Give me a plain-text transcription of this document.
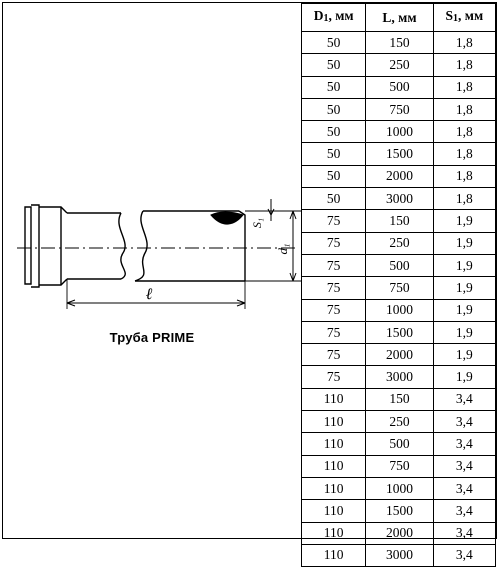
ℓ
d₁
S₁
Труба PRIME
D1, мм	L, мм	S1, мм
50	150	1,8
50	250	1,8
50	500	1,8
50	750	1,8
50	1000	1,8
50	1500	1,8
50	2000	1,8
50	3000	1,8
75	150	1,9
75	250	1,9
75	500	1,9
75	750	1,9
75	1000	1,9
75	1500	1,9
75	2000	1,9
75	3000	1,9
110	150	3,4
110	250	3,4
110	500	3,4
110	750	3,4
110	1000	3,4
110	1500	3,4
110	2000	3,4
110	3000	3,4
